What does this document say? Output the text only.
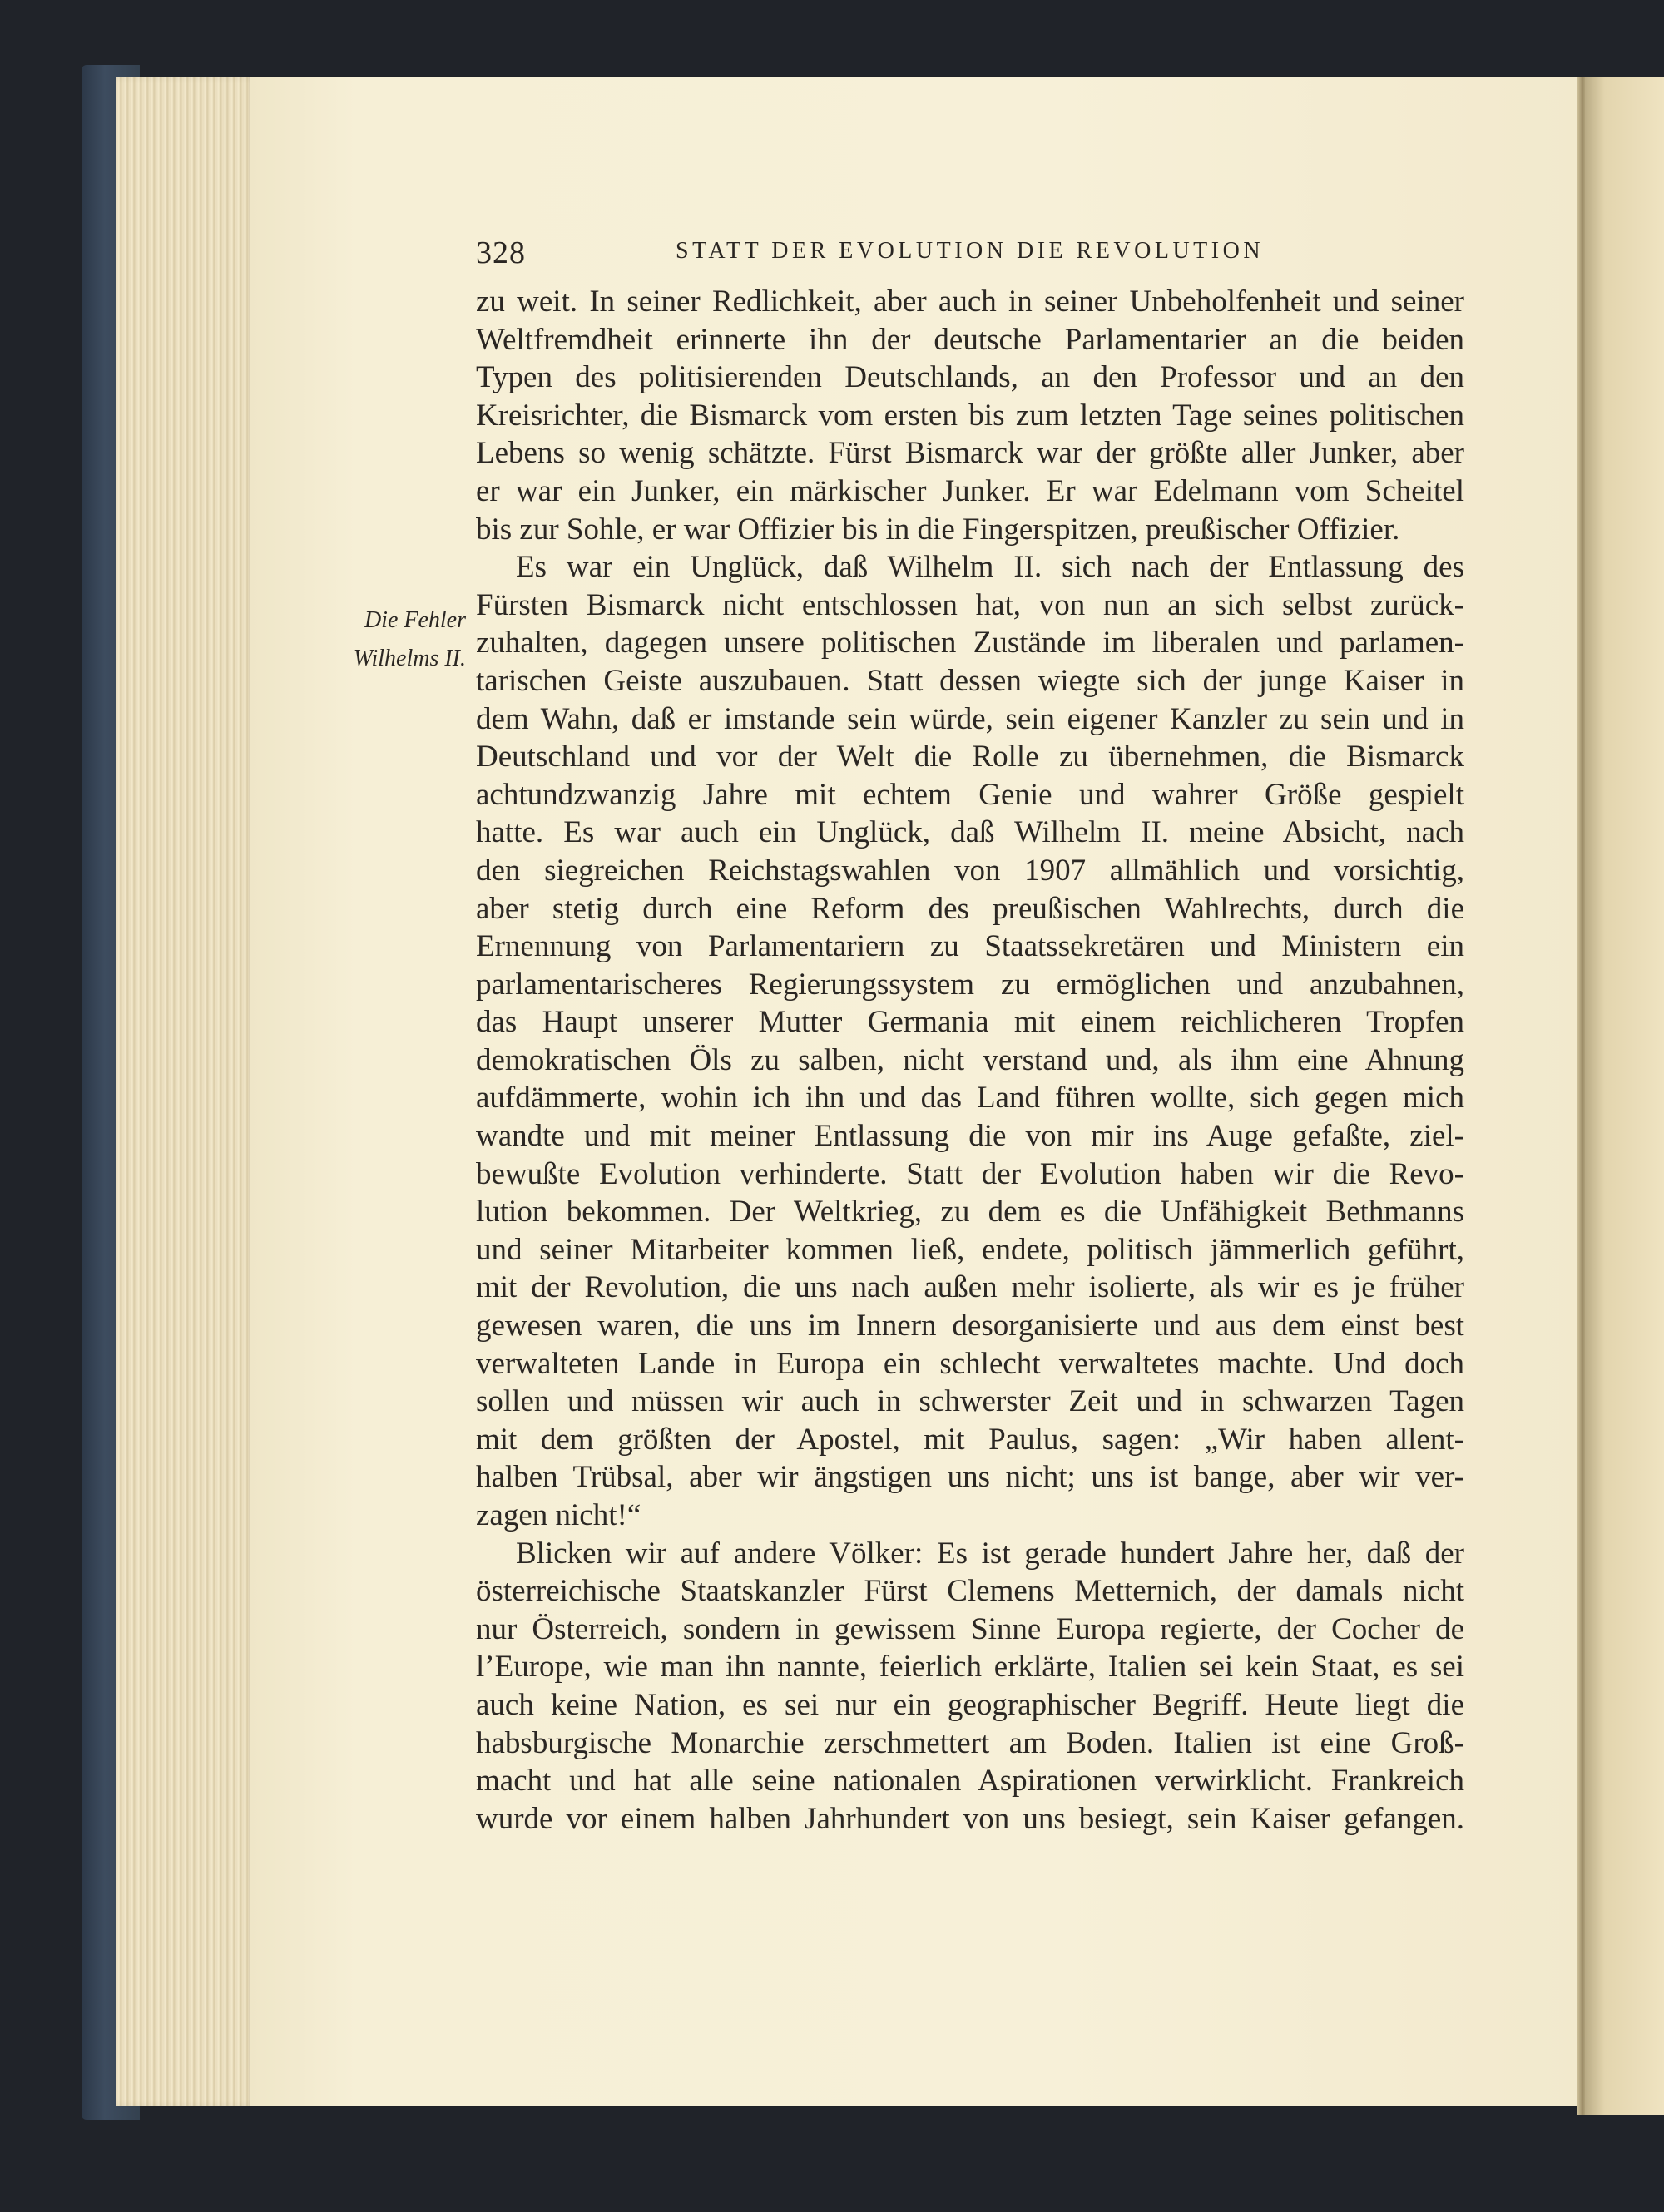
328	STATT DER EVOLUTION DIE REVOLUTION
Die Fehler
Wilhelms II.
zu weit. In seiner Redlichkeit, aber auch in seiner Unbeholfenheit und seiner
Weltfremdheit erinnerte ihn der deutsche Parlamentarier an die beiden
Typen des politisierenden Deutschlands, an den Professor und an den
Kreisrichter, die Bismarck vom ersten bis zum letzten Tage seines politischen
Lebens so wenig schätzte. Fürst Bismarck war der größte aller Junker, aber
er war ein Junker, ein märkischer Junker. Er war Edelmann vom Scheitel
bis zur Sohle, er war Offizier bis in die Fingerspitzen, preußischer Offizier.
Es war ein Unglück, daß Wilhelm II. sich nach der Entlassung des
Fürsten Bismarck nicht entschlossen hat, von nun an sich selbst zurück-
zuhalten, dagegen unsere politischen Zustände im liberalen und parlamen-
tarischen Geiste auszubauen. Statt dessen wiegte sich der junge Kaiser in
dem Wahn, daß er imstande sein würde, sein eigener Kanzler zu sein und in
Deutschland und vor der Welt die Rolle zu übernehmen, die Bismarck
achtundzwanzig Jahre mit echtem Genie und wahrer Größe gespielt
hatte. Es war auch ein Unglück, daß Wilhelm II. meine Absicht, nach
den siegreichen Reichstagswahlen von 1907 allmählich und vorsichtig,
aber stetig durch eine Reform des preußischen Wahlrechts, durch die
Ernennung von Parlamentariern zu Staatssekretären und Ministern ein
parlamentarischeres Regierungssystem zu ermöglichen und anzubahnen,
das Haupt unserer Mutter Germania mit einem reichlicheren Tropfen
demokratischen Öls zu salben, nicht verstand und, als ihm eine Ahnung
aufdämmerte, wohin ich ihn und das Land führen wollte, sich gegen mich
wandte und mit meiner Entlassung die von mir ins Auge gefaßte, ziel-
bewußte Evolution verhinderte. Statt der Evolution haben wir die Revo-
lution bekommen. Der Weltkrieg, zu dem es die Unfähigkeit Bethmanns
und seiner Mitarbeiter kommen ließ, endete, politisch jämmerlich geführt,
mit der Revolution, die uns nach außen mehr isolierte, als wir es je früher
gewesen waren, die uns im Innern desorganisierte und aus dem einst best
verwalteten Lande in Europa ein schlecht verwaltetes machte. Und doch
sollen und müssen wir auch in schwerster Zeit und in schwarzen Tagen
mit dem größten der Apostel, mit Paulus, sagen: „Wir haben allent-
halben Trübsal, aber wir ängstigen uns nicht; uns ist bange, aber wir ver-
zagen nicht!“
Blicken wir auf andere Völker: Es ist gerade hundert Jahre her, daß der
österreichische Staatskanzler Fürst Clemens Metternich, der damals nicht
nur Österreich, sondern in gewissem Sinne Europa regierte, der Cocher de
l’Europe, wie man ihn nannte, feierlich erklärte, Italien sei kein Staat, es sei
auch keine Nation, es sei nur ein geographischer Begriff. Heute liegt die
habsburgische Monarchie zerschmettert am Boden. Italien ist eine Groß-
macht und hat alle seine nationalen Aspirationen verwirklicht. Frankreich
wurde vor einem halben Jahrhundert von uns besiegt, sein Kaiser gefangen.
